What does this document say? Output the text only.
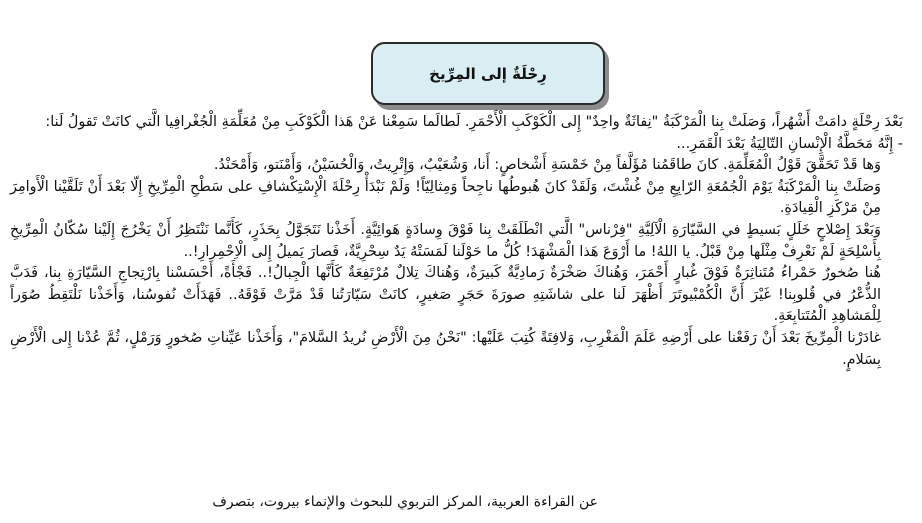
رِحْلَةٌ إلى المِرِّيخ

بَعْدَ رِحْلَةٍ دامَتْ أَشْهُراً، وَصَلَتْ بِنا الْمَرْكَبَةُ "نِفاثَةٌ واحِدٌ" إِلى الْكَوْكَبِ الْأَحْمَرِ. لَطالَما سَمِعْنا عَنْ هَذا الْكَوْكَبِ مِنْ مُعَلِّمَةِ الْجُغْرافِيا الَّتي كانَتْ تَقولُ لَنا:

- إِنَّهُ مَحَطَّةُ الْإِنْسانِ التّالِيَةُ بَعْدَ الْقَمَرِ...

وَها قَدْ تَحَقَّقَ قَوْلُ الْمُعَلِّمَةِ. كانَ طاقَمُنا مُؤَلَّفاً مِنْ خَمْسَةِ أَشْخاصٍ: أَنا، وَشُعَيْبٌ، وَإِتْرِيتُ، وَالْحُسَيْنُ، وَأَمْنَتو، وَأَمْحَنْدُ.

وَصَلَتْ بِنا الْمَرْكَبَةُ يَوْمَ الْجُمُعَةِ الرّابِعِ مِنْ غُشْتَ، وَلَقَدْ كانَ هُبوطُها ناجِحاً وَمِثالِيّاً! وَلَمْ نَبْدَأْ رِحْلَةَ الْإِسْتِكْشافِ على سَطْحِ الْمِرِّيخِ إِلّا بَعْدَ أَنْ تَلَقَّيْنا الْأَوامِرَ مِنْ مَرْكَزِ الْقِيادَةِ.

وَبَعْدَ إِصْلاحٍ خَلَلٍ بَسيطٍ في السَّيّارَةِ الْآلِيَّةِ "فِرْناس" الَّتي انْطَلَقَتْ بِنا فَوْقَ وِسادَةٍ هَوائِيَّةٍ. أَخَذْنا نَتَجَوَّلُ بِحَذَرٍ، كَأَنَّما نَنْتَظِرُ أَنْ يَخْرُجَ إِلَيْنا سُكّانُ الْمِرِّيخِ بِأَسْلِحَةٍ لَمْ نَعْرِفْ مِثْلَها مِنْ قَبْلُ. يا اللهُ! ما أَرْوَعَ هَذا الْمَشْهَدَ! كُلُّ ما حَوْلَنا لَمَسَتْهُ يَدٌ سِحْرِيَّةٌ، فَصارَ يَميلُ إِلى الْاِحْمِرارِ!..

هُنا صُخورٌ حَمْراءُ مُتَناثِرَةٌ فَوْقَ غُبارٍ أَحْمَرَ، وَهُناكَ صَخْرَةٌ رَمادِيَّةٌ كَبيرَةٌ، وَهُناكَ تِلالٌ مُرْتَفِعَةٌ كَأَنَّها الْجِبالُ!.. فَجْأَةً، أَحْسَسْنا بِارْتِجاجِ السَّيّارَةِ بِنا، فَدَبَّ الذُّعْرُ في قُلوبِنا! غَيْرَ أَنَّ الْكُمْبْيوتَرَ أَظْهَرَ لَنا على شاشَتِهِ صورَةَ حَجَرٍ صَغيرٍ، كانَتْ سَيّارَتُنا قَدْ مَرَّتْ فَوْقَهُ.. فَهَدَأَتْ نُفوسُنا، وَأَخَذْنا نَلْتَقِطُ صُوَراً لِلْمَشاهِدِ الْمُتَتابِعَةِ.

غادَرْنا الْمِرِّيخَ بَعْدَ أَنْ رَفَعْنا على أَرْضِهِ عَلَمَ الْمَغْرِبِ، وَلافِتَةً كُتِبَ عَلَيْها: "نَحْنُ مِنَ الْأَرْضِ نُريدُ السَّلامَ"، وَأَخَذْنا عَيِّناتِ صُخورٍ وَرَمْلٍ، ثُمَّ عُدْنا إِلى الْأَرْضِ بِسَلامٍ.

عن القراءة العربية، المركز التربوي للبحوث والإنماء بيروت، بتصرف
